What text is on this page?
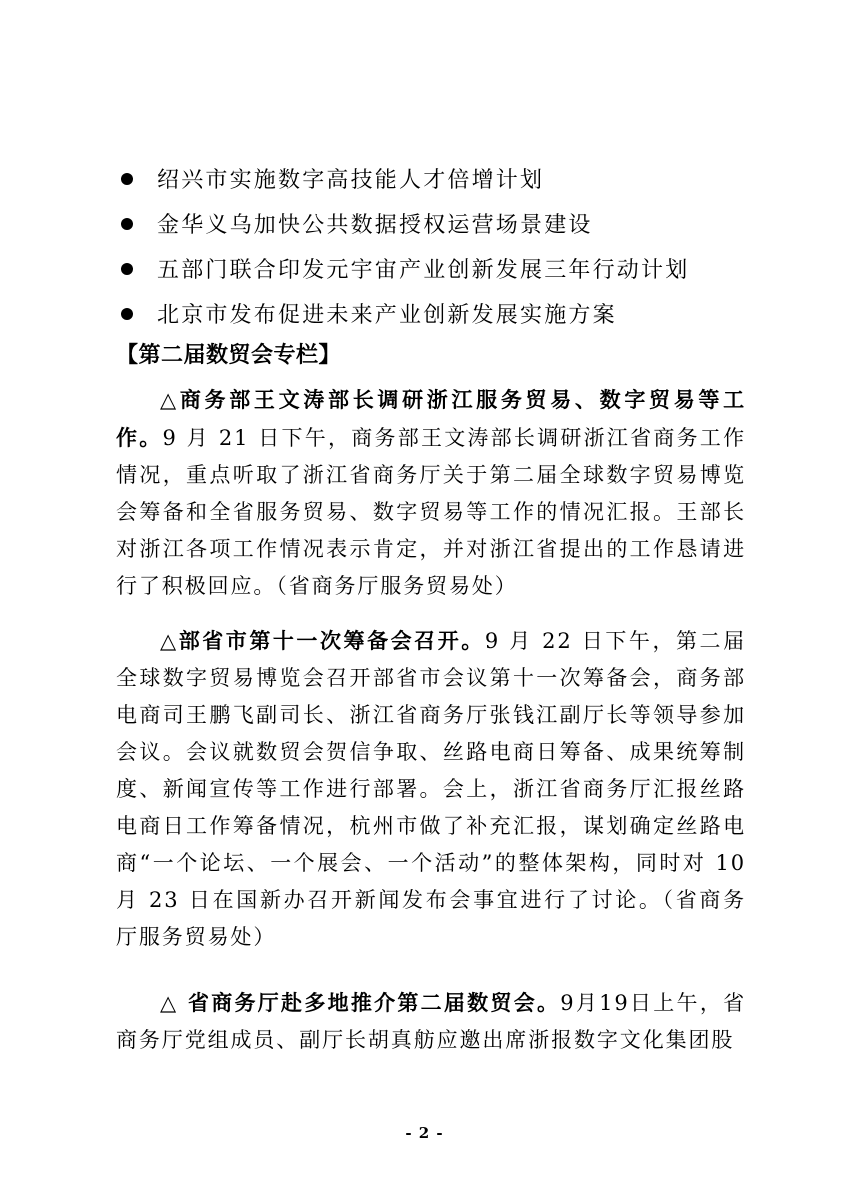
绍兴市实施数字高技能人才倍增计划
金华义乌加快公共数据授权运营场景建设
五部门联合印发元宇宙产业创新发展三年行动计划
北京市发布促进未来产业创新发展实施方案
【第二届数贸会专栏】

△商务部王文涛部长调研浙江服务贸易、数字贸易等工作。9 月 21 日下午，商务部王文涛部长调研浙江省商务工作情况，重点听取了浙江省商务厅关于第二届全球数字贸易博览会筹备和全省服务贸易、数字贸易等工作的情况汇报。王部长对浙江各项工作情况表示肯定，并对浙江省提出的工作恳请进行了积极回应。（省商务厅服务贸易处）

△部省市第十一次筹备会召开。9 月 22 日下午，第二届全球数字贸易博览会召开部省市会议第十一次筹备会，商务部电商司王鹏飞副司长、浙江省商务厅张钱江副厅长等领导参加会议。会议就数贸会贺信争取、丝路电商日筹备、成果统筹制度、新闻宣传等工作进行部署。会上，浙江省商务厅汇报丝路电商日工作筹备情况，杭州市做了补充汇报，谋划确定丝路电商“一个论坛、一个展会、一个活动”的整体架构，同时对 10 月 23 日在国新办召开新闻发布会事宜进行了讨论。（省商务厅服务贸易处）

△ 省商务厅赴多地推介第二届数贸会。9月19日上午，省商务厅党组成员、副厅长胡真舫应邀出席浙报数字文化集团股

- 2 -
